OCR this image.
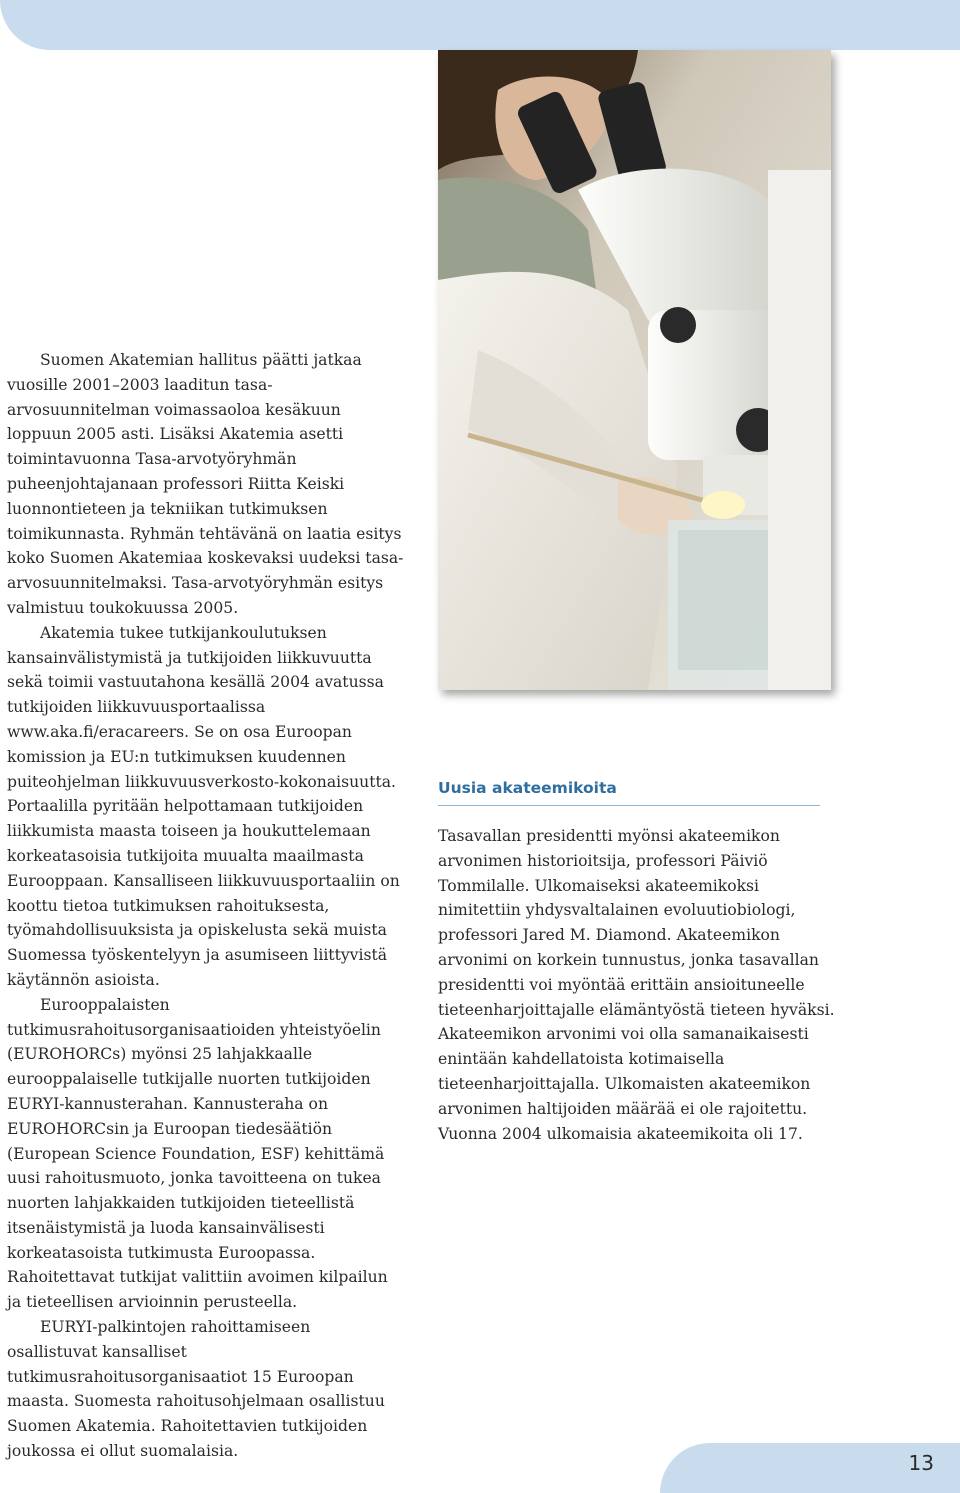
Suomen Akatemian hallitus päätti jatkaa vuosille 2001–2003 laaditun tasa-arvosuunnitelman voimassaoloa kesäkuun loppuun 2005 asti. Lisäksi Akatemia asetti toimintavuonna Tasa-arvotyöryhmän puheenjohtajanaan professori Riitta Keiski luonnontieteen ja tekniikan tutkimuksen toimikunnasta. Ryhmän tehtävänä on laatia esitys koko Suomen Akatemiaa koskevaksi uudeksi tasa-arvosuunnitelmaksi. Tasa-arvotyöryhmän esitys valmistuu toukokuussa 2005.

Akatemia tukee tutkijankoulutuksen kansainvälistymistä ja tutkijoiden liikkuvuutta sekä toimii vastuutahona kesällä 2004 avatussa tutkijoiden liikkuvuusportaalissa www.aka.fi/eracareers. Se on osa Euroopan komission ja EU:n tutkimuksen kuudennen puiteohjelman liikkuvuusverkosto-kokonaisuutta. Portaalilla pyritään helpottamaan tutkijoiden liikkumista maasta toiseen ja houkuttelemaan korkeatasoisia tutkijoita muualta maailmasta Eurooppaan. Kansalliseen liikkuvuusportaaliin on koottu tietoa tutkimuksen rahoituksesta, työmahdollisuuksista ja opiskelusta sekä muista Suomessa työskentelyyn ja asumiseen liittyvistä käytännön asioista.

Eurooppalaisten tutkimusrahoitusorganisaatioiden yhteistyöelin (EUROHORCs) myönsi 25 lahjakkaalle eurooppalaiselle tutkijalle nuorten tutkijoiden EURYI-kannusterahan. Kannusteraha on EUROHORCsin ja Euroopan tiedesäätiön (European Science Foundation, ESF) kehittämä uusi rahoitusmuoto, jonka tavoitteena on tukea nuorten lahjakkaiden tutkijoiden tieteellistä itsenäistymistä ja luoda kansainvälisesti korkeatasoista tutkimusta Euroopassa. Rahoitettavat tutkijat valittiin avoimen kilpailun ja tieteellisen arvioinnin perusteella.

EURYI-palkintojen rahoittamiseen osallistuvat kansalliset tutkimusrahoitusorganisaatiot 15 Euroopan maasta. Suomesta rahoitusohjelmaan osallistuu Suomen Akatemia. Rahoitettavien tutkijoiden joukossa ei ollut suomalaisia.

Uusia akateemikoita

Tasavallan presidentti myönsi akateemikon arvonimen historioitsija, professori Päiviö Tommilalle. Ulkomaiseksi akateemikoksi nimitettiin yhdysvaltalainen evoluutiobiologi, professori Jared M. Diamond. Akateemikon arvonimi on korkein tunnustus, jonka tasavallan presidentti voi myöntää erittäin ansioituneelle tieteenharjoittajalle elämäntyöstä tieteen hyväksi. Akateemikon arvonimi voi olla samanaikaisesti enintään kahdellatoista kotimaisella tieteenharjoittajalla. Ulkomaisten akateemikon arvonimen haltijoiden määrää ei ole rajoitettu. Vuonna 2004 ulkomaisia akateemikoita oli 17.

13
